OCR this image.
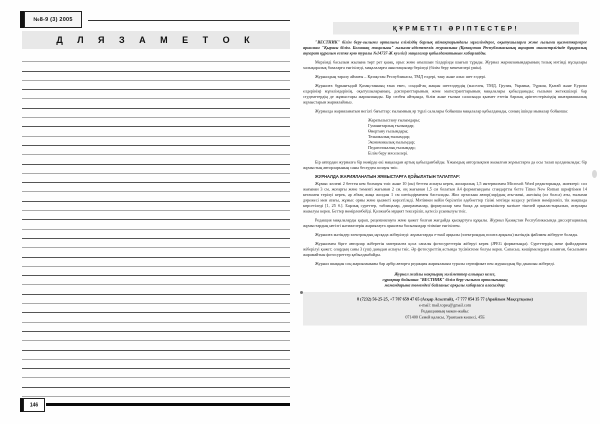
№8-9 (3) 2005
Д Л Я З А М Е Т О К
146
ҚҰРМЕТТІ ӘРІПТЕСТЕР!

"ВЕСТНИК" білім беру-ғылыми орталығы еліміздің барлық аймақтарындағы мұғалімдерге, оқытушыларға және ғылыми қызметкерлерге арналған "Қырағы білім. Болашақ жаңалығы" ғылыми-әдістемелік журналына (Қазақстан Республикасының ақпарат министрлігінде бұқаралық ақпарат құралын есепке қою туралы №14737-Ж куәлігі) мақалалар қабылданатынын хабарлайды.

Мерзімді басылым жылына төрт рет қазақ, орыс және ағылшын тілдерінде шығып тұрады. Журнал жарияланымдарының толық мәтінді нұсқалары халықаралық базаларға енгізіледі, мақалаларға аннотациялар беріледі (білім беру мекемелері үшін).

Журналдың таралу аймағы – Қазақстан Республикасы, ТМД елдері, таяу және алыс шет елдері.

Журналға бұрынғыдай Қазақстанның ғана емес, сондай-ақ жақын шетелдердің (мәселен, ТМД, Грузия, Украина, Түркия, Қытай және Еуропа елдерінің) мұғалімдерінің, оқытушыларының, докторанттарының және магистранттарының мақалалары қабылданады; ғылыми жетекшілері бар студенттердің де жұмыстары жарияланады. Бір сөзбен айтқанда, білім және ғылым саласында қызмет ететін барлық әріптестеріміздің шығармашылық жұмыстарын жариялаймыз.

Журналда жарияланатын негізгі бағыттар: ғылымның әр түрлі салалары бойынша мақалалар қабылданады, соның ішінде мыналар бойынша:

Жаратылыстану ғылымдары;
Гуманитарлық ғылымдар;
Өнертану ғылымдары;
Техникалық ғылымдар;
Экономикалық ғылымдар;
Педагогикалық ғылымдар;
Білім беру мәселелері.

Бір автордан журналға бір нөмірде екі мақаладан артық қабылданбайды. Ұжымдық авторлықпен жазылған жұмыстарға да осы талап қолданылады; бір жұмыстың авторларының саны бесеуден аспауы тиіс.

ЖУРНАЛДА ЖАРИЯЛАНАТЫН ЖҰМЫСТАРҒА ҚОЙЫЛАТЫН ТАЛАПТАР:

Жұмыс көлемі 2 беттен кем болмауы тиіс және 10 (он) беттен аспауы керек, жоларалық 1,5 интервалмен Microsoft Word редакторында, жиектері: сол жағынан 3 см, жоғарғы және төменгі жағынан 2 см, оң жағынан 1,5 см болатын А4 форматындағы стандартты бетте Times New Roman шрифтімен 14 кегльмен терілуі керек, әр абзац жаңа жолдан 1 см шегіндірмемен басталады. Жол ортасына автор(лар)дың аты-жөні, әкесінің (ол болса) аты, ғылыми дәрежесі мен атағы, жұмыс орны және қызметі көрсетіледі. Мәтіннен кейін берілетін әдебиеттер тізімі мәтінде кездесу ретімен нөмірленіп, тік жақшада көрсетіледі [1, 25 б.]. Барлық суреттер, таблицалар, диаграммалар, формулалар мен басқа да көрнекіліктер мәтінге тікелей орналастырылып, атаулары жазылуы керек. Беттер нөмірленбейді. Қолжазба мұқият тексеріліп, қатесіз ұсынылуы тиіс.

Редакция мақалаларды қарап, рецензиялауға және қажет болған жағдайда қысқартуға құқылы. Журнал Қазақстан Республикасында диссертациялық жұмыстардың негізгі нәтижелерін жариялауға арналған басылымдар тізіміне енгізілген.

Журналға мәтіндер электрондық нұсқада жіберіледі: жұмыстарды e-mail арқылы (электрондық пошта арқылы) мәтіндік файлмен жіберуге болады.

Журналмен бірге авторлар жіберетін материалға қоса сапалы фотосуреттерін жіберуі керек (JPEG форматында). Суреттердің жеке файлдармен жіберілуі қажет; олардың саны 3 (үш) данадан аспауы тиіс. Әр фотосуреттің астында түсініктеме болуы керек. Сапасыз, көшірмелерден алынған, басылымға жарамайтын фотосуреттер қабылданбайды.

Журнал шыққан соң жарияланымы бар әрбір авторға редакция жарияланым туралы сертификат пен журналдың бір данасын жібереді.

Журнал жайлы нақтырақ мәліметтер алғыңыз келсе,
сұрақтар бойынша "ВЕСТНИК" білім беру-ғылыми орталығының
мамандарына төмендегі байланыс арқылы хабарласа аласыздар:
8 (7232) 56-25-25, +7 707 659 47 65 (Асқар Асылтай), +7 777 854 35 77 (Арайлым Мақсұтқызы)
e-mail: mail.topsu@gmail.com
Редакцияның мекен-жайы:
071400 Семей қаласы, Уранхаев көшесі, 45Б
